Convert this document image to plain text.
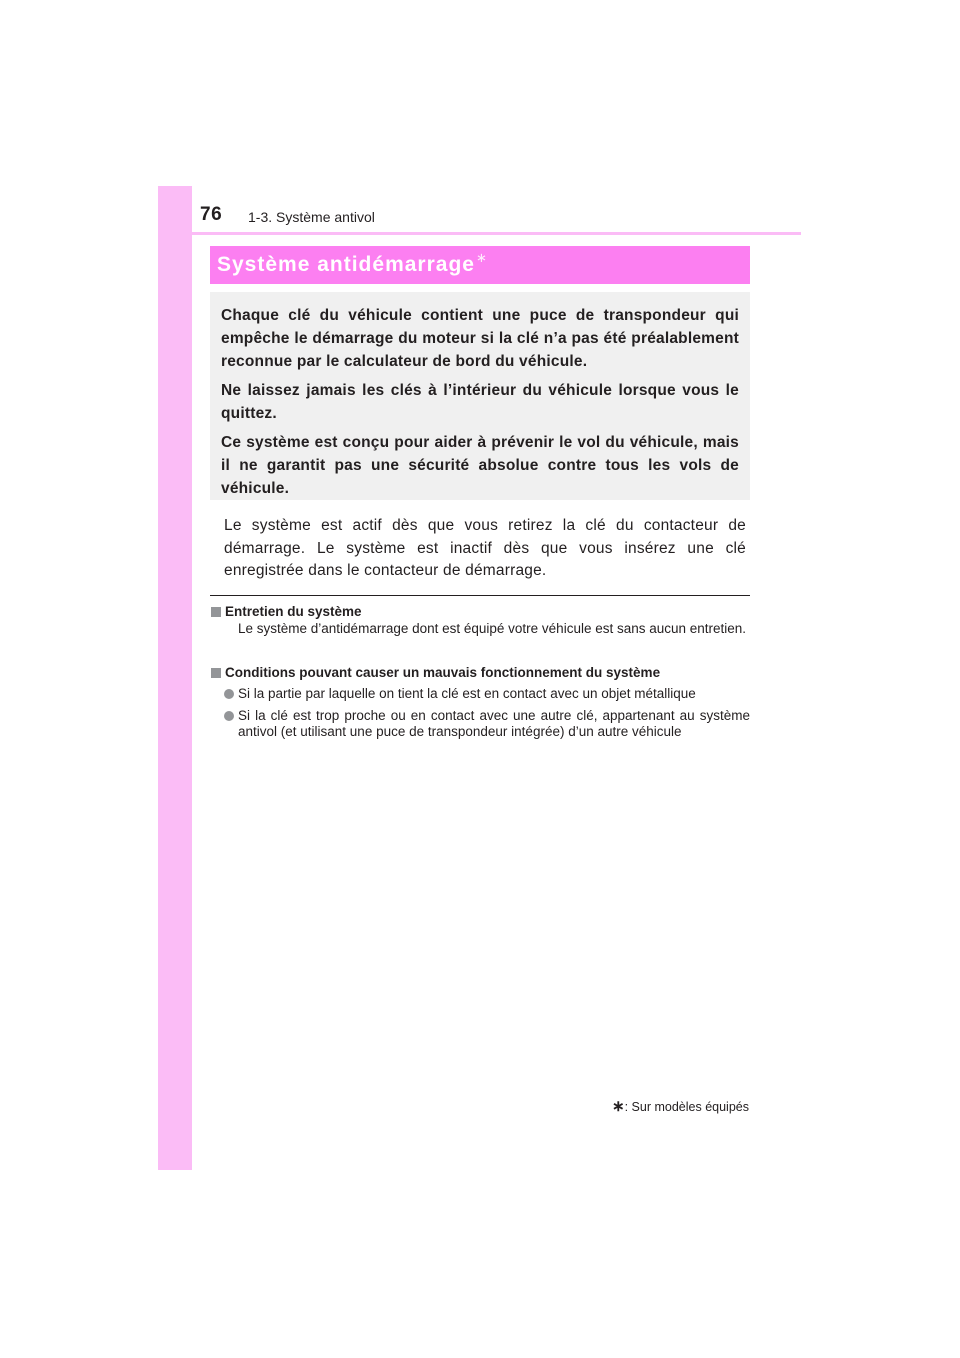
76 1-3. Système antivol
Système antidémarrage∗

Chaque clé du véhicule contient une puce de transpondeur qui empêche le démarrage du moteur si la clé n’a pas été préalablement reconnue par le calculateur de bord du véhicule.

Ne laissez jamais les clés à l’intérieur du véhicule lorsque vous le quittez.

Ce système est conçu pour aider à prévenir le vol du véhicule, mais il ne garantit pas une sécurité absolue contre tous les vols de véhicule.

Le système est actif dès que vous retirez la clé du contacteur de démarrage. Le système est inactif dès que vous insérez une clé enregistrée dans le contacteur de démarrage.

Entretien du système

Le système d’antidémarrage dont est équipé votre véhicule est sans aucun entretien.

Conditions pouvant causer un mauvais fonctionnement du système
Si la partie par laquelle on tient la clé est en contact avec un objet métallique
Si la clé est trop proche ou en contact avec une autre clé, appartenant au système antivol (et utilisant une puce de transpondeur intégrée) d’un autre véhicule
∗: Sur modèles équipés
